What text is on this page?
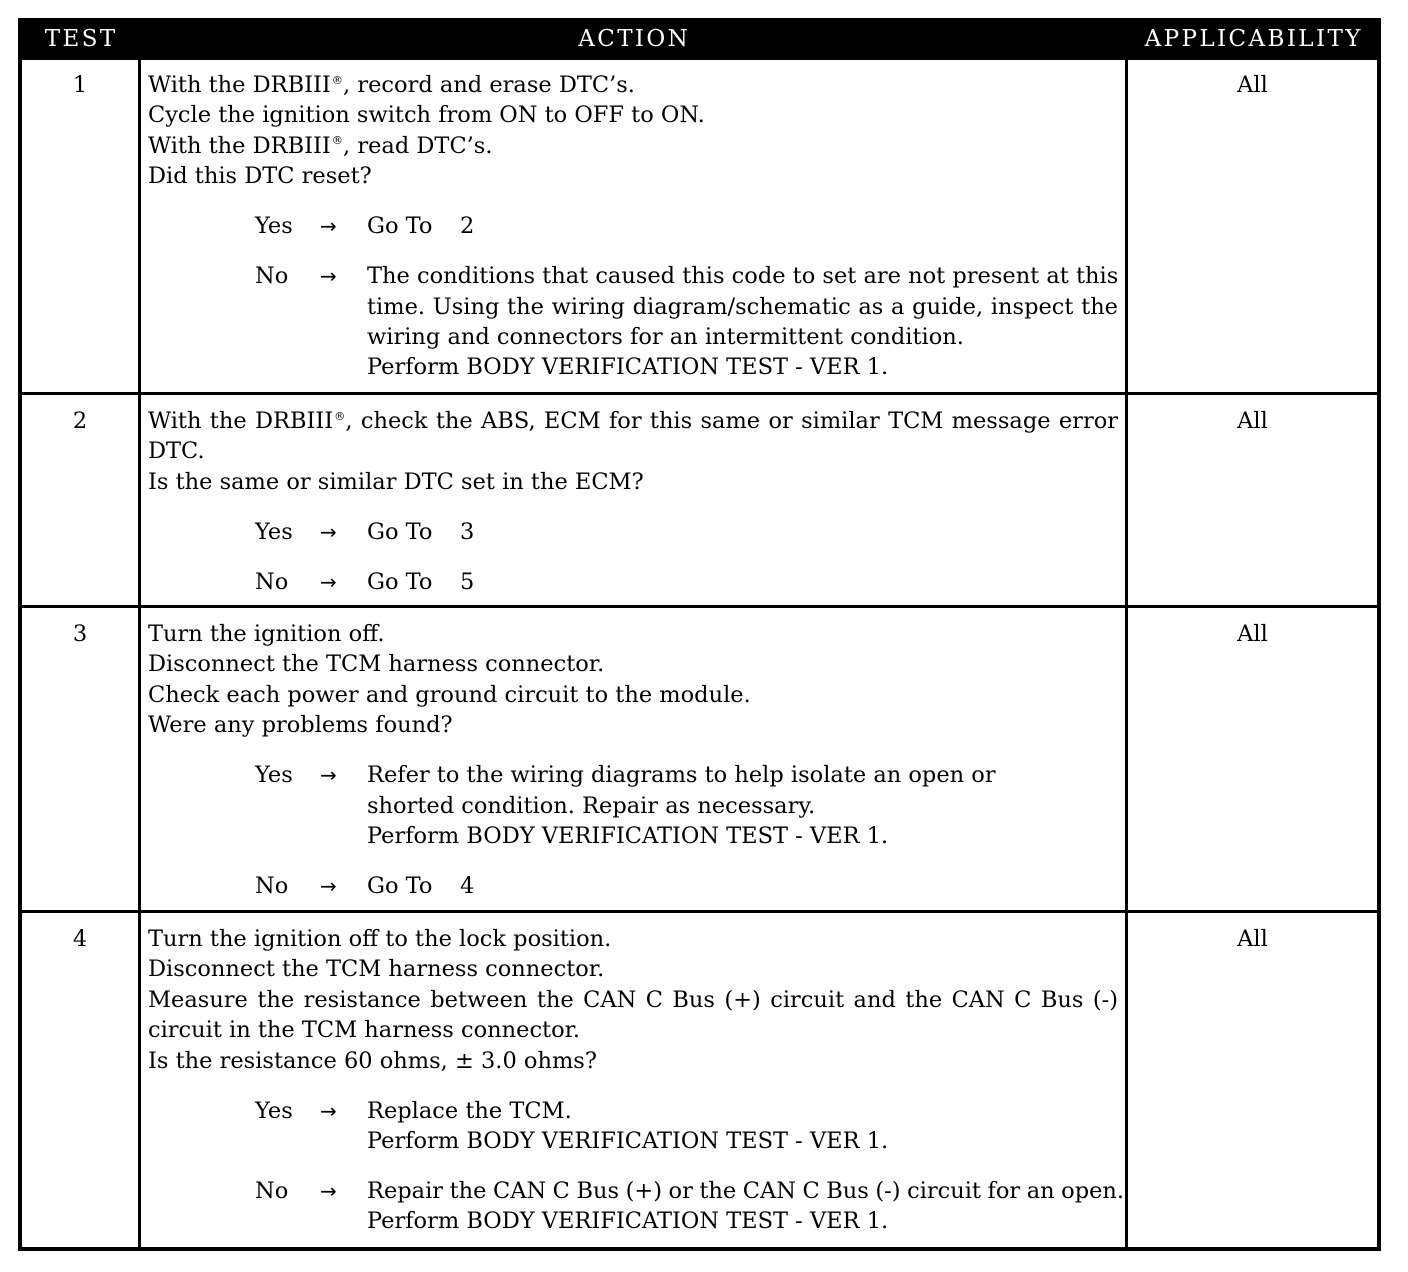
TEST	ACTION	APPLICABILITY
1	With the DRBIII®, record and erase DTC’s.
Cycle the ignition switch from ON to OFF to ON.
With the DRBIII®, read DTC’s.
Did this DTC reset?
Yes	→	Go To 2
No	→	The conditions that caused this code to set are not present at this
time. Using the wiring diagram/schematic as a guide, inspect the
wiring and connectors for an intermittent condition.
Perform BODY VERIFICATION TEST - VER 1.
All
2	With the DRBIII®, check the ABS, ECM for this same or similar TCM message error
DTC.
Is the same or similar DTC set in the ECM?
Yes	→	Go To 3
No	→	Go To 5
All
3	Turn the ignition off.
Disconnect the TCM harness connector.
Check each power and ground circuit to the module.
Were any problems found?
Yes	→	Refer to the wiring diagrams to help isolate an open or
shorted condition. Repair as necessary.
Perform BODY VERIFICATION TEST - VER 1.
No	→	Go To 4
All
4	Turn the ignition off to the lock position.
Disconnect the TCM harness connector.
Measure the resistance between the CAN C Bus (+) circuit and the CAN C Bus (-)
circuit in the TCM harness connector.
Is the resistance 60 ohms, ± 3.0 ohms?
Yes	→	Replace the TCM.
Perform BODY VERIFICATION TEST - VER 1.
No	→	Repair the CAN C Bus (+) or the CAN C Bus (-) circuit for an open.
Perform BODY VERIFICATION TEST - VER 1.
All
